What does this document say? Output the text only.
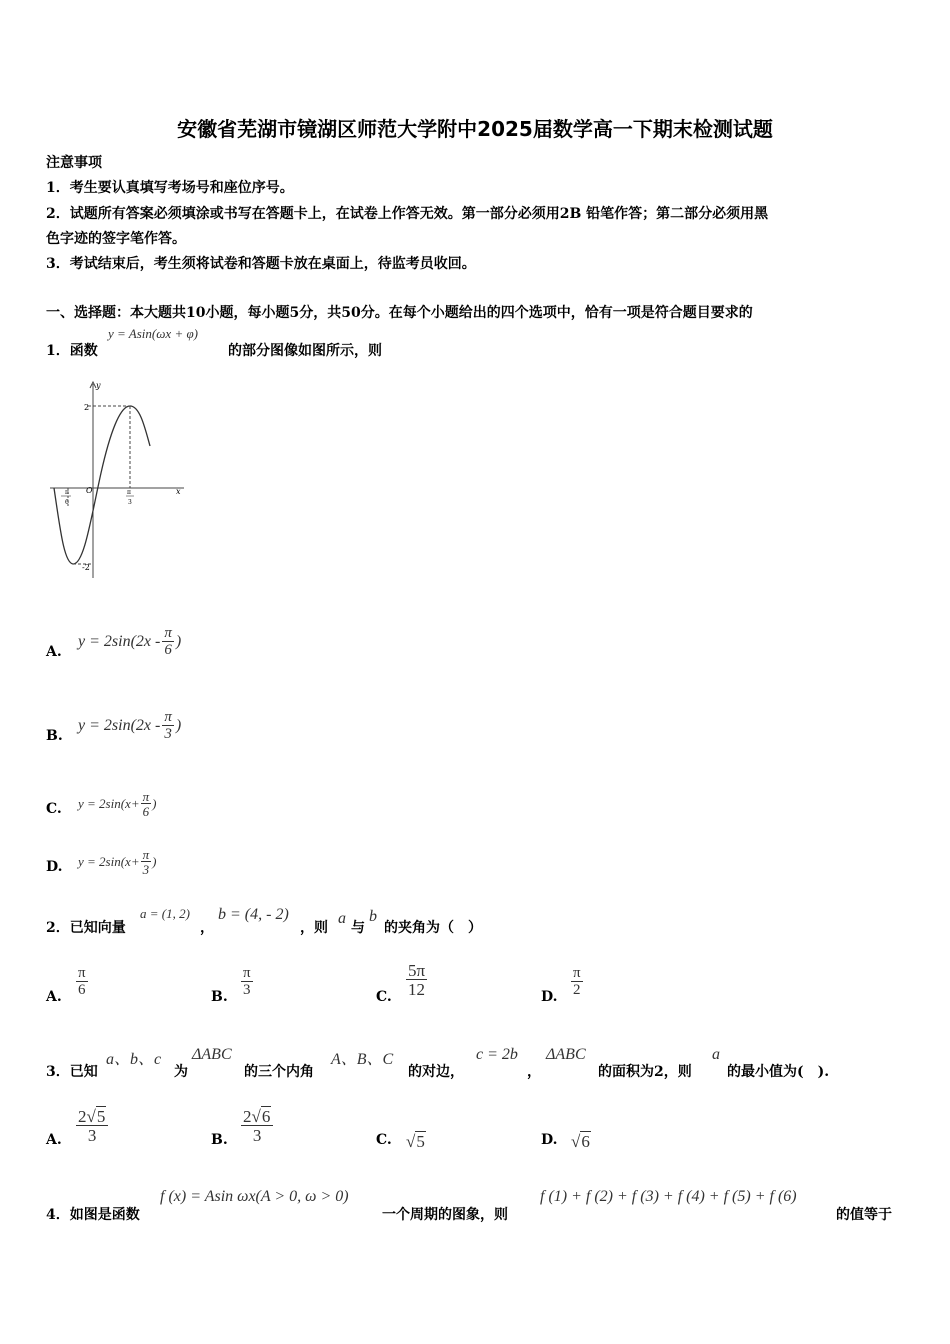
安徽省芜湖市镜湖区师范大学附中2025届数学高一下期末检测试题
注意事项
1．考生要认真填写考场号和座位序号。
2．试题所有答案必须填涂或书写在答题卡上，在试卷上作答无效。第一部分必须用2B 铅笔作答；第二部分必须用黑
色字迹的签字笔作答。
3．考试结束后，考生须将试卷和答题卡放在桌面上，待监考员收回。
一、选择题：本大题共10小题，每小题5分，共50分。在每个小题给出的四个选项中，恰有一项是符合题目要求的
1．函数
y = Asin(ωx + φ)
的部分图像如图所示，则
2
-2
O	x
y
π
3
π
6
A.
$y = 2\sin(2x - \frac{\pi}{6}$ )
B.
$y = 2\sin(2x - \frac{\pi}{3}$ )
C. $y = 2\sin(x+ \frac{\pi}{6}$ )
D. $y = 2\sin(x+ \frac{\pi}{3}$ )
2．已知向量
a = (1, 2)
，
b = (4, - 2)
，则
a
与
b
的夹角为（　）
A. $\frac{\pi}{6}$	B. $\frac{\pi}{3}$	C. $\frac{5\pi}{12}$	D. $\frac{\pi}{2}$
3．已知
a、b、c
为
ΔABC
的三个内角
A、B、C
的对边，
c = 2b
，
ΔABC
的面积为2，则
a
的最小值为(　).
A. $\frac{2√5}{3}$	B. $\frac{2√6}{3}$	C. √5	D. √6
4．如图是函数
f (x) = Asin ωx(A > 0, ω > 0)
一个周期的图象，则
f (1) + f (2) + f (3) + f (4) + f (5) + f (6)
的值等于
